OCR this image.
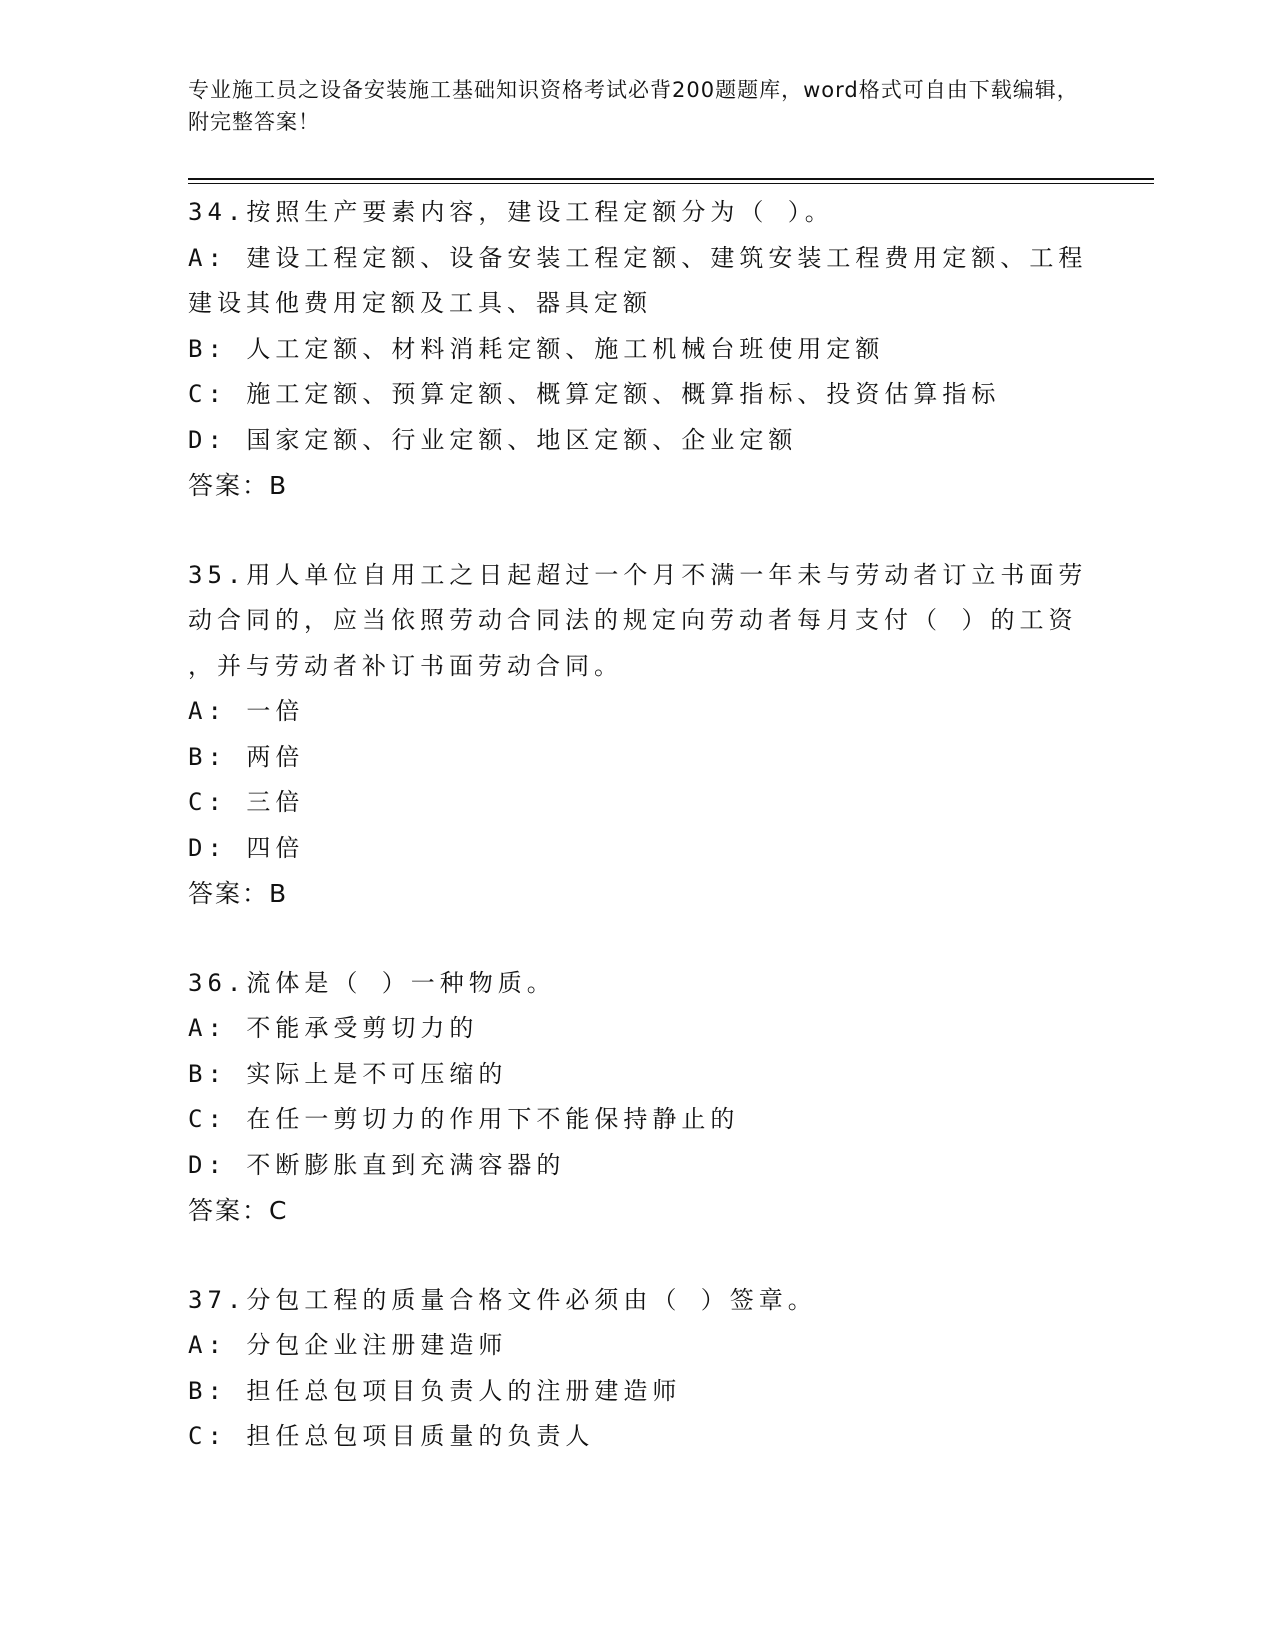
专业施工员之设备安装施工基础知识资格考试必背200题题库，word格式可自由下载编辑，附完整答案！
34.按照生产要素内容，建设工程定额分为（ ）。
A: 建设工程定额、设备安装工程定额、建筑安装工程费用定额、工程
建设其他费用定额及工具、器具定额
B: 人工定额、材料消耗定额、施工机械台班使用定额
C: 施工定额、预算定额、概算定额、概算指标、投资估算指标
D: 国家定额、行业定额、地区定额、企业定额
答案：B
35.用人单位自用工之日起超过一个月不满一年未与劳动者订立书面劳
动合同的，应当依照劳动合同法的规定向劳动者每月支付（ ）的工资
，并与劳动者补订书面劳动合同。
A: 一倍
B: 两倍
C: 三倍
D: 四倍
答案：B
36.流体是（ ）一种物质。
A: 不能承受剪切力的
B: 实际上是不可压缩的
C: 在任一剪切力的作用下不能保持静止的
D: 不断膨胀直到充满容器的
答案：C
37.分包工程的质量合格文件必须由（ ）签章。
A: 分包企业注册建造师
B: 担任总包项目负责人的注册建造师
C: 担任总包项目质量的负责人
